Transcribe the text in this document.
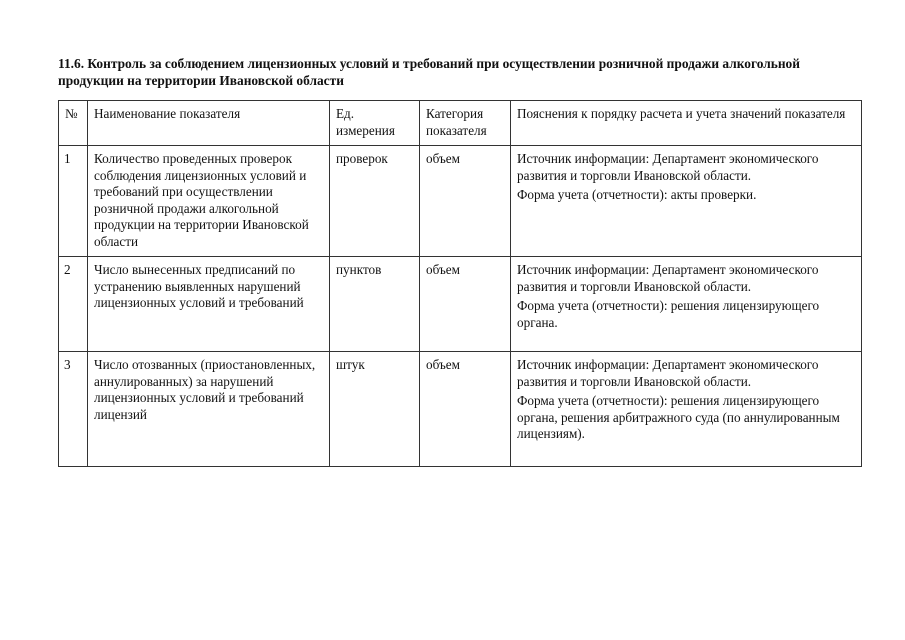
11.6. Контроль за соблюдением лицензионных условий и требований при осуществлении розничной продажи алкогольной продукции на территории Ивановской области
№	Наименование показателя	Ед. измерения	Категория показателя	Пояснения к порядку расчета и учета значений показателя
1	Количество проведенных проверок соблюдения лицензионных условий и требований при осуществлении розничной продажи алкогольной продукции на территории Ивановской области	проверок	объем	Источник информации: Департамент экономического развития и торговли Ивановской области.

Форма учета (отчетности): акты проверки.

2	Число вынесенных предписаний по устранению выявленных нарушений лицензионных условий и требований	пунктов	объем	Источник информации: Департамент экономического развития и торговли Ивановской области.

Форма учета (отчетности): решения лицензирующего органа.

3	Число отозванных (приостановленных, аннулированных) за нарушений лицензионных условий и требований лицензий	штук	объем	Источник информации: Департамент экономического развития и торговли Ивановской области.

Форма учета (отчетности): решения лицензирующего органа, решения арбитражного суда (по аннулированным лицензиям).
